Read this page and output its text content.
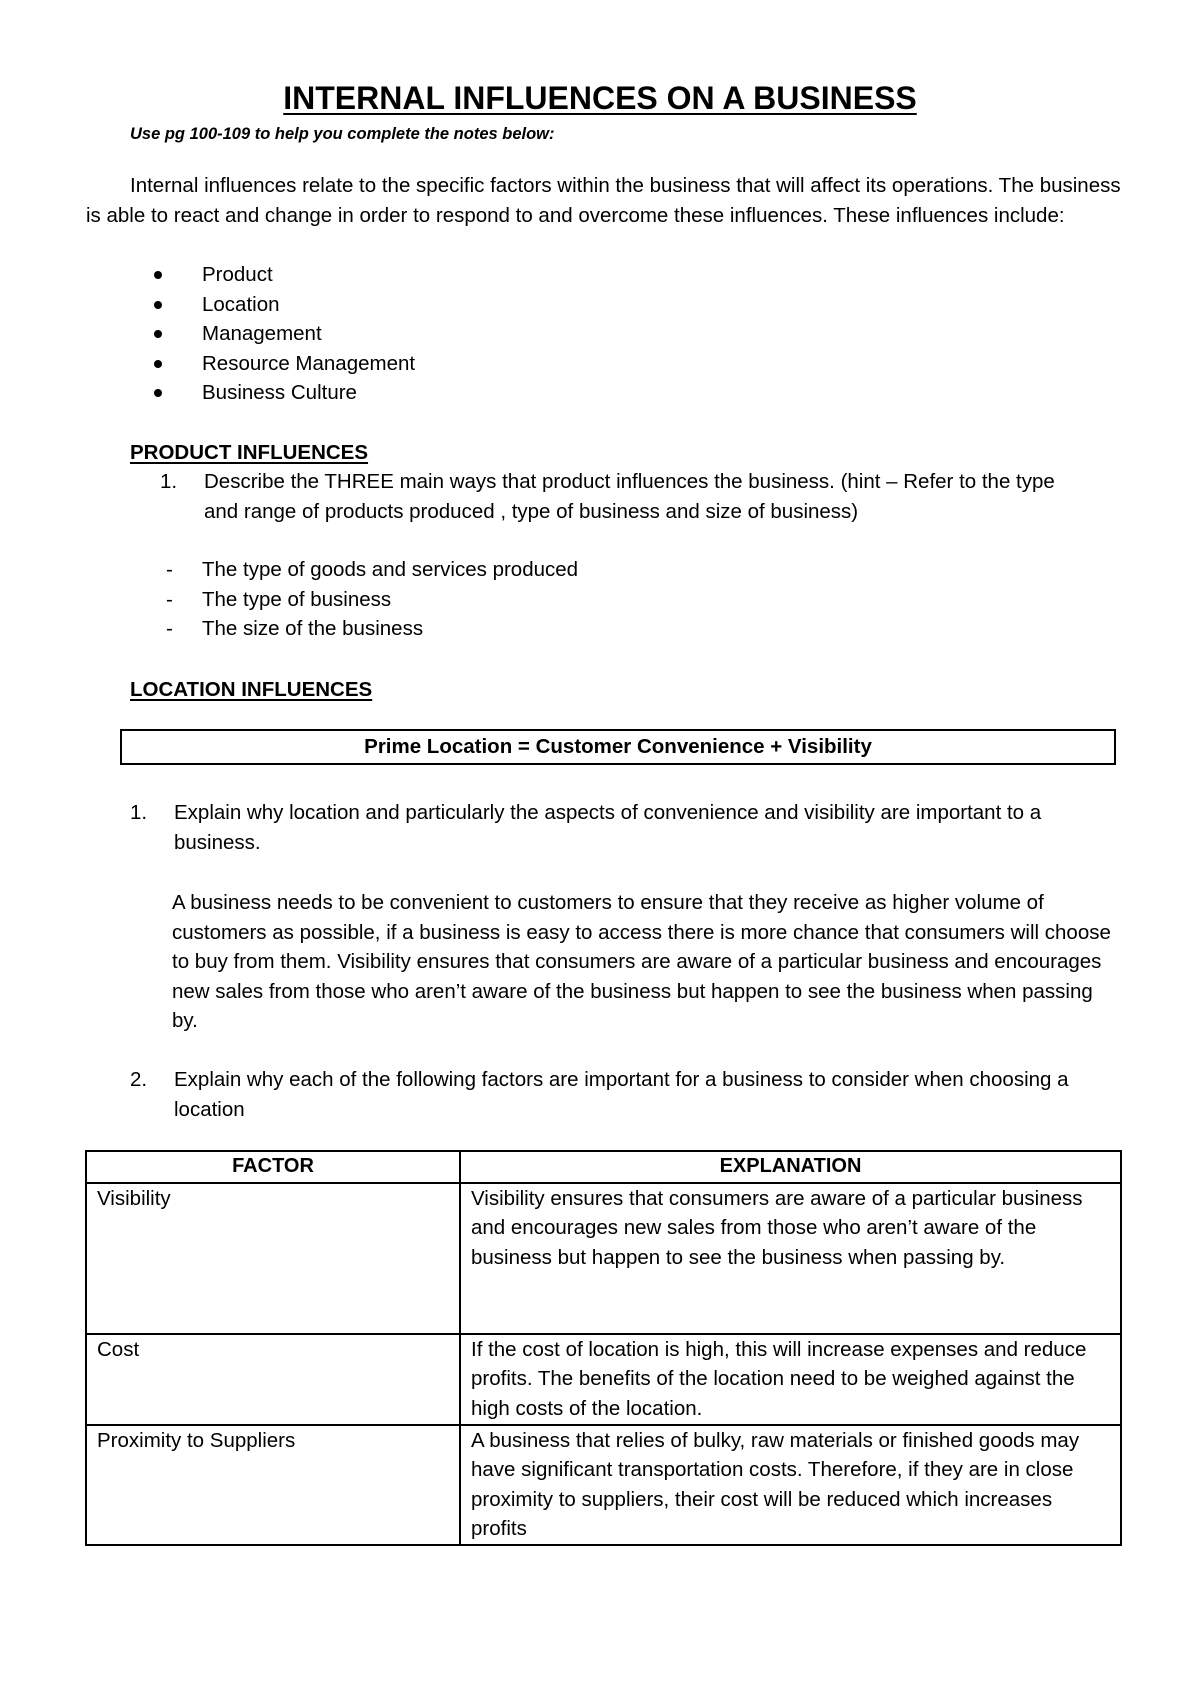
INTERNAL INFLUENCES ON A BUSINESS
Use pg 100-109 to help you complete the notes below:

Internal influences relate to the specific factors within the business that will affect its operations. The business is able to react and change in order to respond to and overcome these influences. These influences include:

Product
Location
Management
Resource Management
Business Culture
PRODUCT INFLUENCES
1. Describe the THREE main ways that product influences the business. (hint – Refer to the type and range of products produced , type of business and size of business)
- The type of goods and services produced
- The type of business
- The size of the business
LOCATION INFLUENCES
Prime Location = Customer Convenience + Visibility
1. Explain why location and particularly the aspects of convenience and visibility are important to a business.
A business needs to be convenient to customers to ensure that they receive as higher volume of customers as possible, if a business is easy to access there is more chance that consumers will choose to buy from them. Visibility ensures that consumers are aware of a particular business and encourages new sales from those who aren’t aware of the business but happen to see the business when passing by.
2. Explain why each of the following factors are important for a business to consider when choosing a location
FACTOR	EXPLANATION
Visibility	Visibility ensures that consumers are aware of a particular business and encourages new sales from those who aren’t aware of the business but happen to see the business when passing by.
Cost	If the cost of location is high, this will increase expenses and reduce profits. The benefits of the location need to be weighed against the high costs of the location.
Proximity to Suppliers	A business that relies of bulky, raw materials or finished goods may have significant transportation costs. Therefore, if they are in close proximity to suppliers, their cost will be reduced which increases profits
